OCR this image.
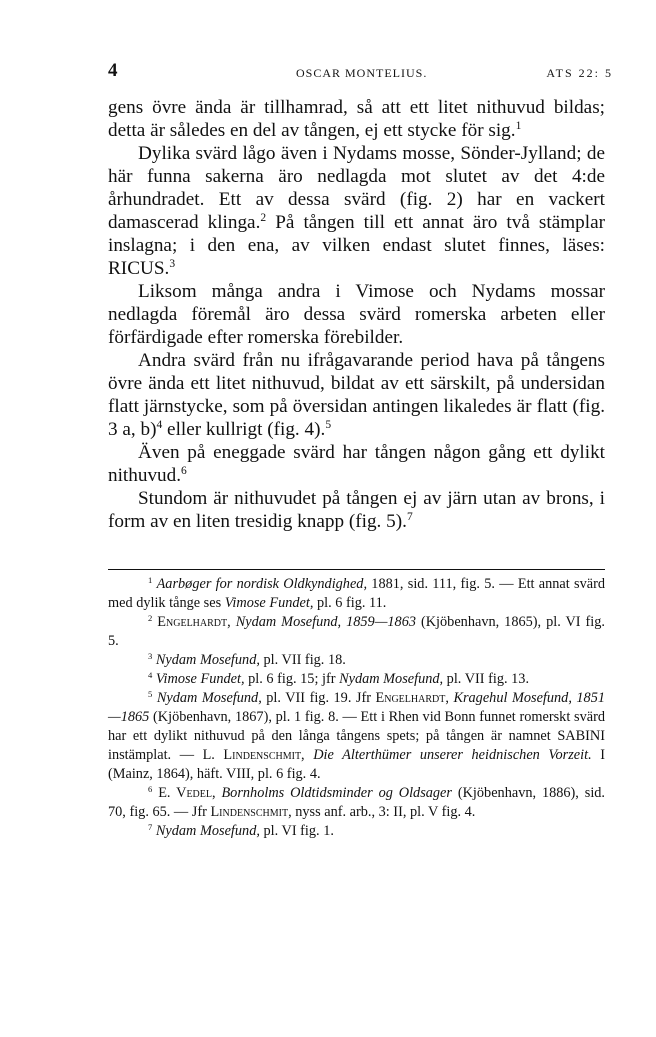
4	OSCAR MONTELIUS.	ATS 22: 5

gens övre ända är tillhamrad, så att ett litet nithuvud bildas; detta är således en del av tången, ej ett stycke för sig.$^1$

Dylika svärd lågo även i Nydams mosse, Sönder-Jylland; de här funna sakerna äro nedlagda mot slutet av det 4:de århundradet. Ett av dessa svärd (fig. 2) har en vackert damascerad klinga.$^2$ På tången till ett annat äro två stämplar inslagna; i den ena, av vilken endast slutet finnes, läses: RICUS.$^3$

Liksom många andra i Vimose och Nydams mossar nedlagda föremål äro dessa svärd romerska arbeten eller förfärdigade efter romerska förebilder.

Andra svärd från nu ifrågavarande period hava på tångens övre ända ett litet nithuvud, bildat av ett särskilt, på undersidan flatt järnstycke, som på översidan antingen likaledes är flatt (fig. 3 a, b)$^4$ eller kullrigt (fig. 4).$^5$

Även på eneggade svärd har tången någon gång ett dylikt nithuvud.$^6$

Stundom är nithuvudet på tången ej av järn utan av brons, i form av en liten tresidig knapp (fig. 5).$^7$

$^1$ Aarbøger for nordisk Oldkyndighed, 1881, sid. 111, fig. 5. — Ett annat svärd med dylik tånge ses Vimose Fundet, pl. 6 fig. 11.

$^2$ Engelhardt, Nydam Mosefund, 1859—1863 (Kjöbenhavn, 1865), pl. VI fig. 5.

$^3$ Nydam Mosefund, pl. VII fig. 18.

$^4$ Vimose Fundet, pl. 6 fig. 15; jfr Nydam Mosefund, pl. VII fig. 13.

$^5$ Nydam Mosefund, pl. VII fig. 19. Jfr Engelhardt, Kragehul Mosefund, 1851—1865 (Kjöbenhavn, 1867), pl. 1 fig. 8. — Ett i Rhen vid Bonn funnet romerskt svärd har ett dylikt nithuvud på den långa tångens spets; på tången är namnet SABINI instämplat. — L. Lindenschmit, Die Alterthümer unserer heidnischen Vorzeit. I (Mainz, 1864), häft. VIII, pl. 6 fig. 4.

$^6$ E. Vedel, Bornholms Oldtidsminder og Oldsager (Kjöbenhavn, 1886), sid. 70, fig. 65. — Jfr Lindenschmit, nyss anf. arb., 3: II, pl. V fig. 4.

$^7$ Nydam Mosefund, pl. VI fig. 1.
